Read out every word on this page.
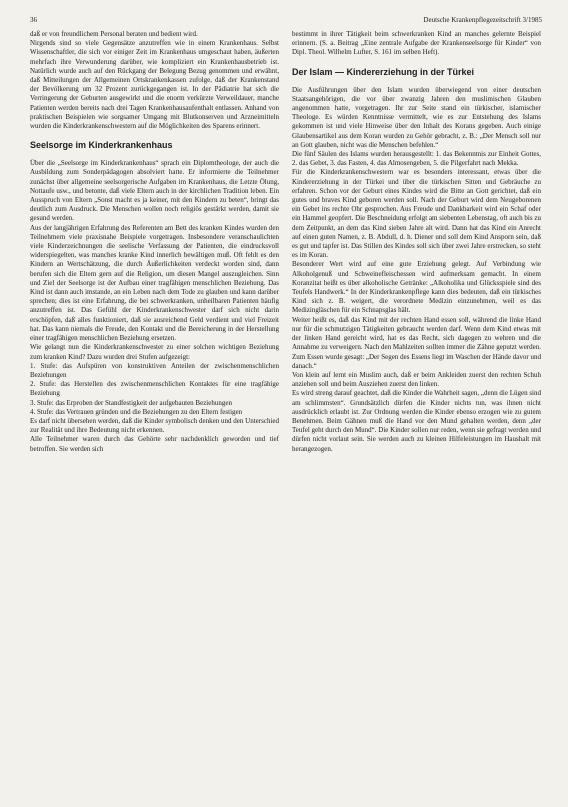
36	Deutsche Krankenpflegezeitschrift 3/1985

daß er von freundlichem Personal beraten und bedient wird.

Nirgends sind so viele Gegensätze anzutreffen wie in einem Krankenhaus. Selbst Wissenschaftler, die sich vor einiger Zeit im Krankenhaus umgeschaut haben, äußerten mehrfach ihre Verwunderung darüber, wie kompliziert ein Krankenhausbetrieb ist. Natürlich wurde auch auf den Rückgang der Belegung Bezug genommen und erwähnt, daß Mitteilungen der Allgemeinen Ortskrankenkassen zufolge, daß der Krankenstand der Bevölkerung um 32 Prozent zurückgegangen ist. In der Pädiatrie hat sich die Verringerung der Geburten ausgewirkt und die enorm verkürzte Verweildauer, manche Patienten werden bereits nach drei Tagen Krankenhausaufenthalt entlassen. Anhand von praktischen Beispielen wie sorgsamer Umgang mit Blutkonserven und Arzneimitteln wurden die Kinderkrankenschwestern auf die Möglichkeiten des Sparens erinnert.

Seelsorge im Kinderkrankenhaus

Über die „Seelsorge im Kinderkrankenhaus“ sprach ein Diplomtheologe, der auch die Ausbildung zum Sonderpädagogen absolviert hatte. Er informierte die Teilnehmer zunächst über allgemeine seelsorgerische Aufgaben im Krankenhaus, die Letzte Ölung, Nottaufe usw., und betonte, daß viele Eltern auch in der kirchlichen Tradition leben. Ein Ausspruch von Eltern „Sonst macht es ja keiner, mit den Kindern zu beten“, bringt das deutlich zum Ausdruck. Die Menschen wollen noch religiös gestärkt werden, damit sie gesund werden.

Aus der langjährigen Erfahrung des Referenten am Bett des kranken Kindes wurden den Teilnehmern viele praxisnahe Beispiele vorgetragen. Insbesondere veranschaulichten viele Kinderzeichnungen die seelische Verfassung der Patienten, die eindrucksvoll widerspiegelten, was manches kranke Kind innerlich bewältigen muß. Oft fehlt es den Kindern an Wertschätzung, die durch Äußerlichkeiten verdeckt worden sind, dann berufen sich die Eltern gern auf die Religion, um diesen Mangel auszugleichen. Sinn und Ziel der Seelsorge ist der Aufbau einer tragfähigen menschlichen Beziehung. Das Kind ist dann auch imstande, an ein Leben nach dem Tode zu glauben und kann darüber sprechen; dies ist eine Erfahrung, die bei schwerkranken, unheilbaren Patienten häufig anzutreffen ist. Das Gefühl der Kinderkrankenschwester darf sich nicht darin erschöpfen, daß alles funktioniert, daß sie ausreichend Geld verdient und viel Freizeit hat. Das kann niemals die Freude, den Kontakt und die Bereicherung in der Herstellung einer tragfähigen menschlichen Beziehung ersetzen.

Wie gelangt nun die Kinderkrankenschwester zu einer solchen wichtigen Beziehung zum kranken Kind? Dazu wurden drei Stufen aufgezeigt:

1. Stufe: das Aufspüren von konstruktiven Anteilen der zwischenmenschlichen Beziehungen

2. Stufe: das Herstellen des zwischenmenschlichen Kontaktes für eine tragfähige Beziehung

3. Stufe: das Erproben der Standfestigkeit der aufgebauten Beziehungen

4. Stufe: das Vertrauen gründen und die Beziehungen zu den Eltern festigen

Es darf nicht übersehen werden, daß die Kinder symbolisch denken und den Unterschied zur Realität und ihre Bedeutung nicht erkennen.

Alle Teilnehmer waren durch das Gehörte sehr nachdenklich geworden und tief betroffen. Sie werden sich

bestimmt in ihrer Tätigkeit beim schwerkranken Kind an manches gelernte Beispiel erinnern. (S. a. Beitrag „Eine zentrale Aufgabe der Krankenseelsorge für Kinder“ von Dipl. Theol. Wilhelm Lufter, S. 161 im selben Heft).

Der Islam — Kindererziehung in der Türkei

Die Ausführungen über den Islam wurden überwiegend von einer deutschen Staatsangehörigen, die vor über zwanzig Jahren den muslimischen Glauben angenommen hatte, vorgetragen. Ihr zur Seite stand ein türkischer, islamischer Theologe. Es würden Kenntnisse vermittelt, wie es zur Entstehung des Islams gekommen ist und viele Hinweise über den Inhalt des Korans gegeben. Auch einige Glaubensartikel aus dem Koran wurden zu Gehör gebracht, z. B.: „Der Mensch soll nur an Gott glauben, nicht was die Menschen befehlen.“

Die fünf Säulen des Islams wurden herausgestellt: 1. das Bekenntnis zur Einheit Gottes, 2. das Gebet, 3. das Fasten, 4. das Almosengeben, 5. die Pilgerfahrt nach Mekka.

Für die Kinderkrankenschwestern war es besonders interessant, etwas über die Kindererziehung in der Türkei und über die türkischen Sitten und Gebräuche zu erfahren. Schon vor der Geburt eines Kindes wird die Bitte an Gott gerichtet, daß ein gutes und braves Kind geboren werden soll. Nach der Geburt wird dem Neugeborenen ein Gebet ins rechte Ohr gesprochen. Aus Freude und Dankbarkeit wird ein Schaf oder ein Hammel geopfert. Die Beschneidung erfolgt am siebenten Lebenstag, oft auch bis zu dem Zeitpunkt, an dem das Kind sieben Jahre alt wird. Dann hat das Kind ein Anrecht auf einen guten Namen, z. B. Abdull, d. h. Diener und soll dem Kind Ansporn sein, daß es gut und tapfer ist. Das Stillen des Kindes soll sich über zwei Jahre erstrecken, so steht es im Koran.

Besonderer Wert wird auf eine gute Erziehung gelegt. Auf Verbindung wie Alkoholgenuß und Schweinefleischessen wird aufmerksam gemacht. In einem Koranzitat heißt es über alkoholische Getränke: „Alkoholika und Glücksspiele sind des Teufels Handwerk.“ In der Kinderkrankenpflege kann dies bedeuten, daß ein türkisches Kind sich z. B. weigert, die verordnete Medizin einzunehmen, weil es das Medizingläschen für ein Schnapsglas hält.

Weiter heißt es, daß das Kind mit der rechten Hand essen soll, während die linke Hand nur für die schmutzigen Tätigkeiten gebraucht werden darf. Wenn dem Kind etwas mit der linken Hand gereicht wird, hat es das Recht, sich dagegen zu wehren und die Annahme zu verweigern. Nach den Mahlzeiten sollten immer die Zähne geputzt werden. Zum Essen wurde gesagt: „Der Segen des Essens liegt im Waschen der Hände davor und danach.“

Von klein auf lernt ein Muslim auch, daß er beim Ankleiden zuerst den rechten Schuh anziehen soll und beim Ausziehen zuerst den linken.

Es wird streng darauf geachtet, daß die Kinder die Wahrheit sagen, „denn die Lügen sind am schlimmsten“. Grundsätzlich dürfen die Kinder nichts tun, was ihnen nicht ausdrücklich erlaubt ist. Zur Ordnung werden die Kinder ebenso erzogen wie zu gutem Benehmen. Beim Gähnen muß die Hand vor den Mund gehalten werden, denn „der Teufel geht durch den Mund“. Die Kinder sollen nur reden, wenn sie gefragt werden und dürfen nicht vorlaut sein. Sie werden auch zu kleinen Hilfeleistungen im Haushalt mit herangezogen.
